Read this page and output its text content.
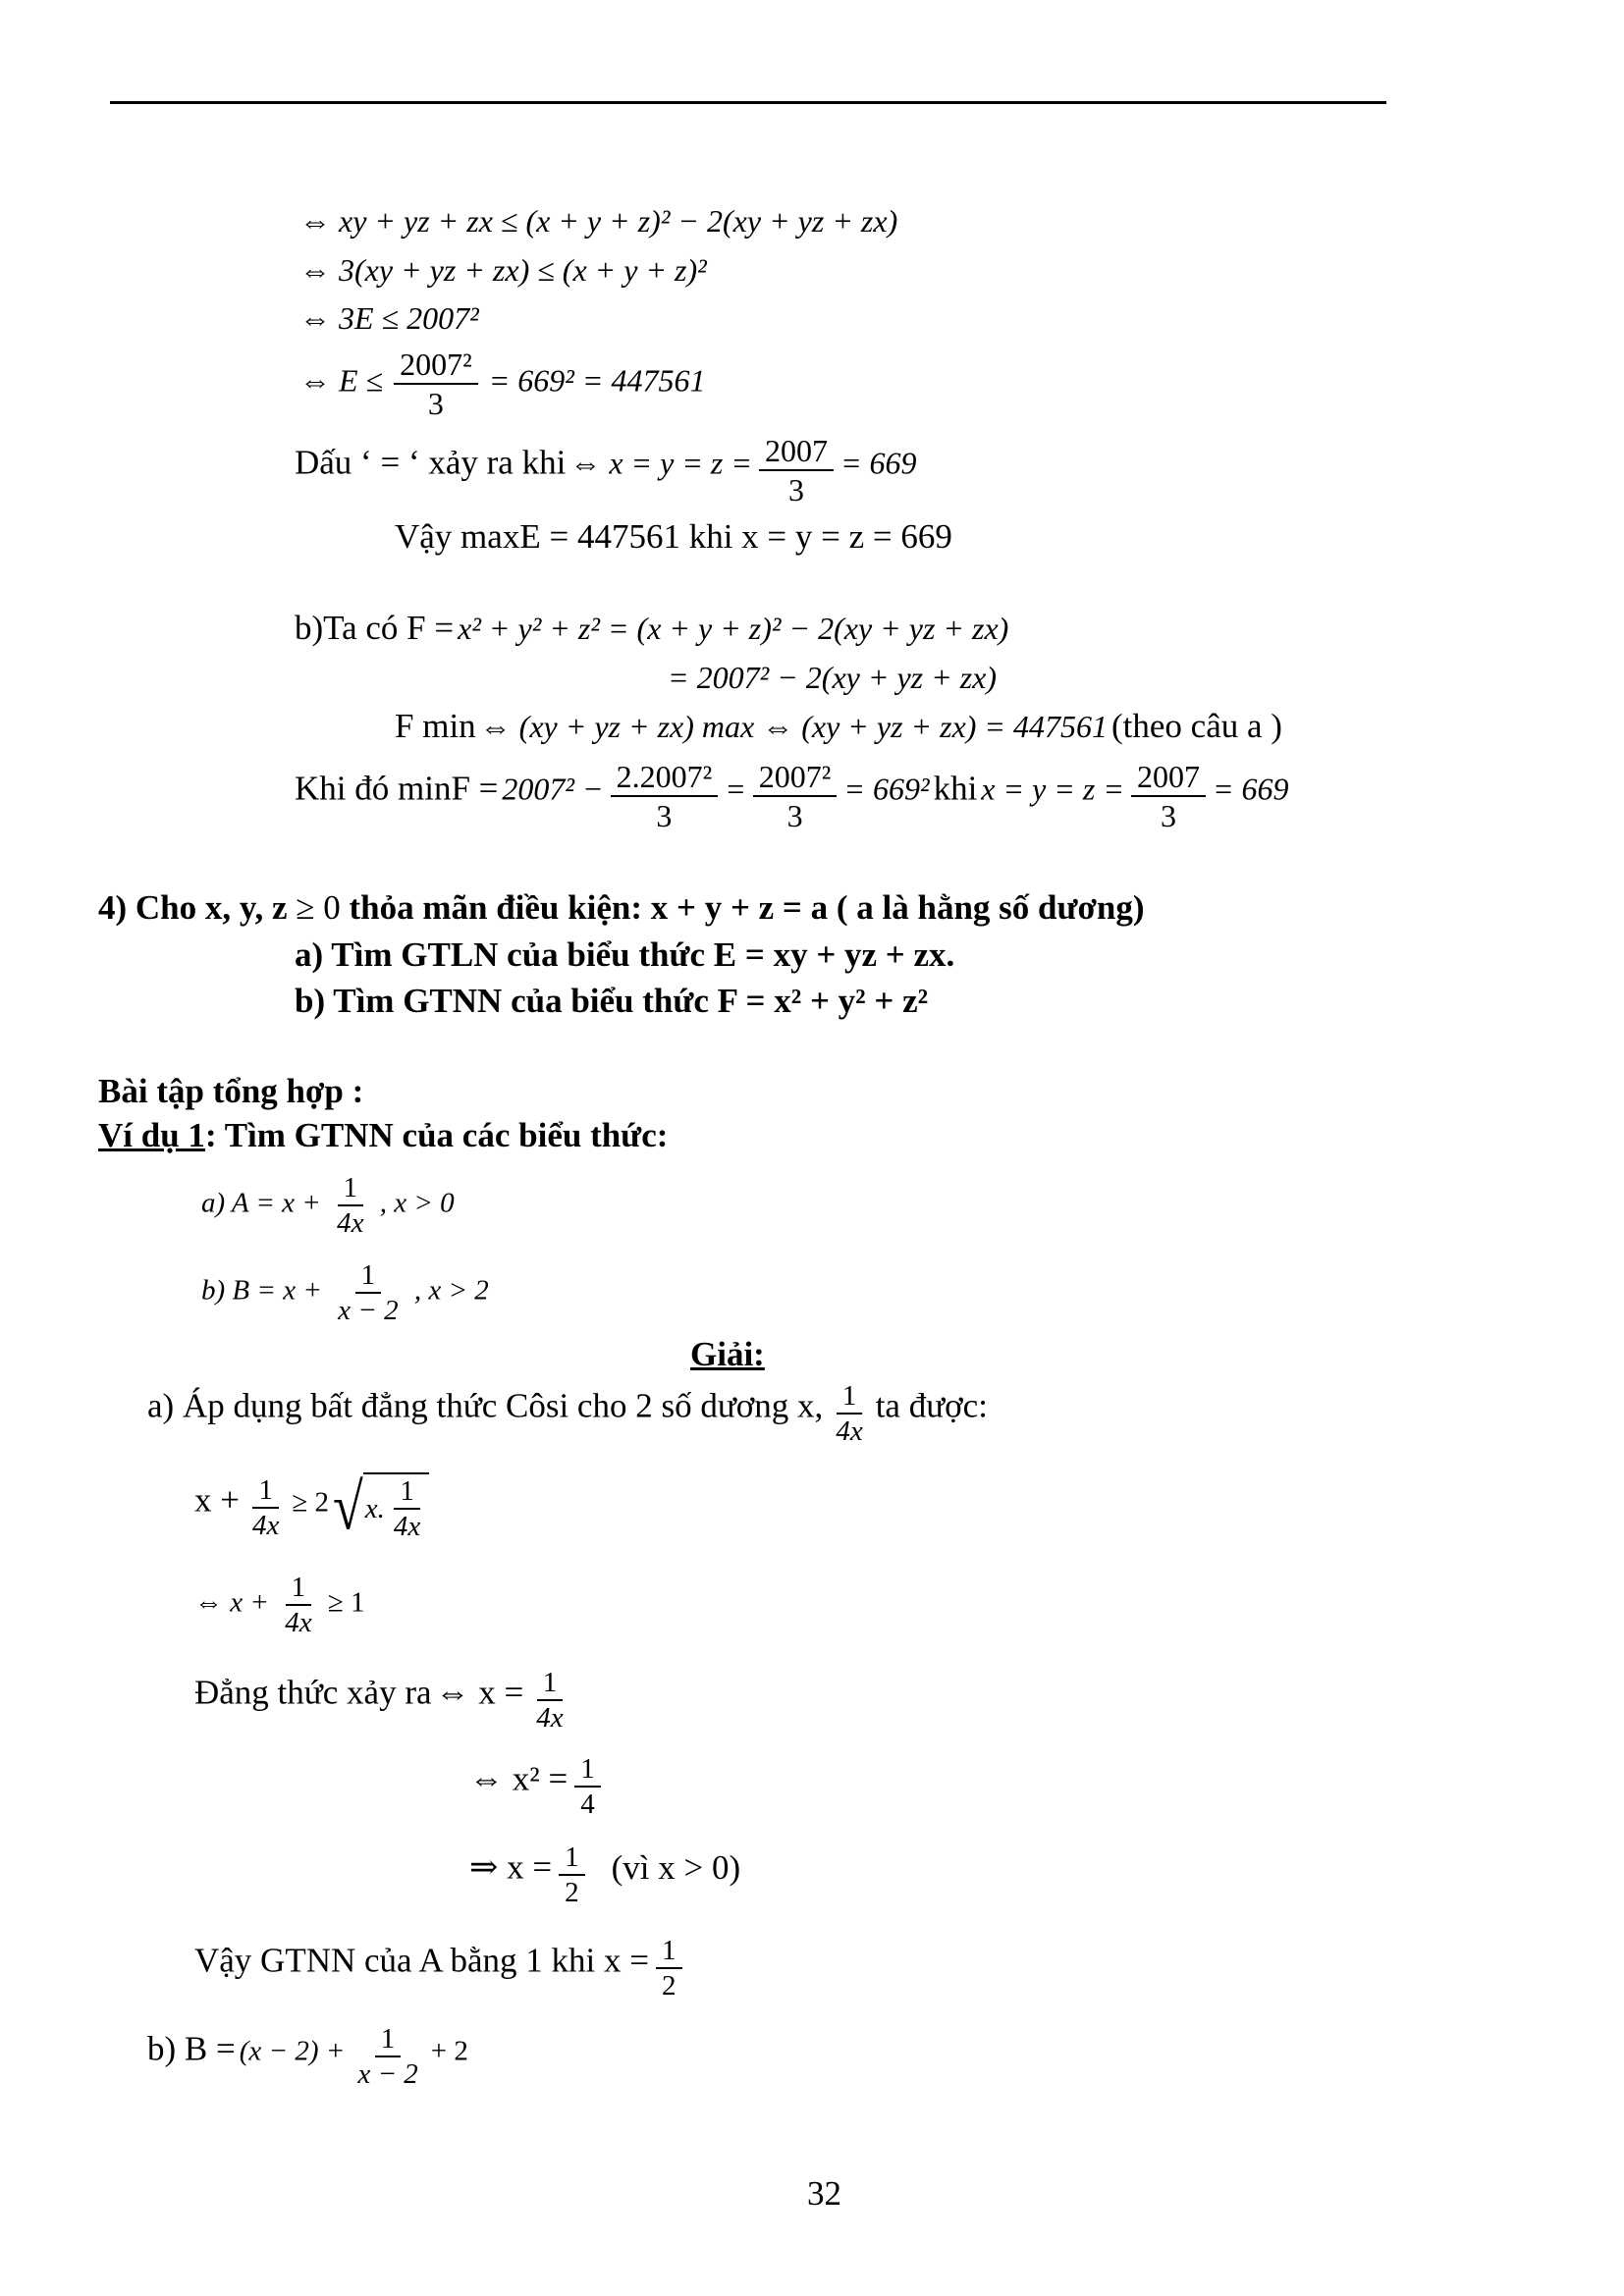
⇔ xy + yz + zx ≤ (x + y + z)² − 2(xy + yz + zx)
⇔ 3(xy + yz + zx) ≤ (x + y + z)²
⇔ 3E ≤ 2007²
⇔ $E \le \frac{\text{2007²}}{3} = 669^2 = 447561$
Dấu ‘ = ‘ xảy ra khi ⇔ $x = y = z = \frac{2007}{3} = 669$
Vậy maxE = 447561 khi x = y = z = 669
b)Ta có F = x² + y² + z² = (x + y + z)² − 2(xy + yz + zx)
= 2007² − 2(xy + yz + zx)
F min ⇔ (xy + yz + zx) max ⇔ (xy + yz + zx) = 447561 (theo câu a )
Khi đó $\min F = 2007^2 - \frac{\text{2.2007²}}{3} = \frac{\text{2007²}}{3} = 669^2$ khi $x = y = z = \frac{2007}{3} = 669$
4) Cho x, y, z ≥ 0 thỏa mãn điều kiện: x + y + z = a ( a là hằng số dương)
a) Tìm GTLN của biểu thức E = xy + yz + zx.
b) Tìm GTNN của biểu thức F = x² + y² + z²
Bài tập tổng hợp :
Ví dụ 1: Tìm GTNN của các biểu thức:
a) $A = x + \frac{1}{4x}$ , x > 0
b) $B = x + \frac{1}{x - 2}$ , x > 2
Giải:
a) Áp dụng bất đẳng thức Côsi cho 2 số dương x, $\frac{1}{4x}$ ta được:
$x + \frac{1}{4x} \ge 2$ √ x. $\frac{1}{4x}$
⇔ $x + \frac{1}{4x} \ge 1$
Đẳng thức xảy ra ⇔ $x = \frac{1}{4x}$
⇔ $x^2 = \frac{1}{4}$
⇒ $x = \frac{1}{2}$ (vì x > 0)
Vậy GTNN của A bằng 1 khi $x = \frac{1}{2}$
b) $B = (x - 2) + \frac{1}{x - 2} + 2$
32
